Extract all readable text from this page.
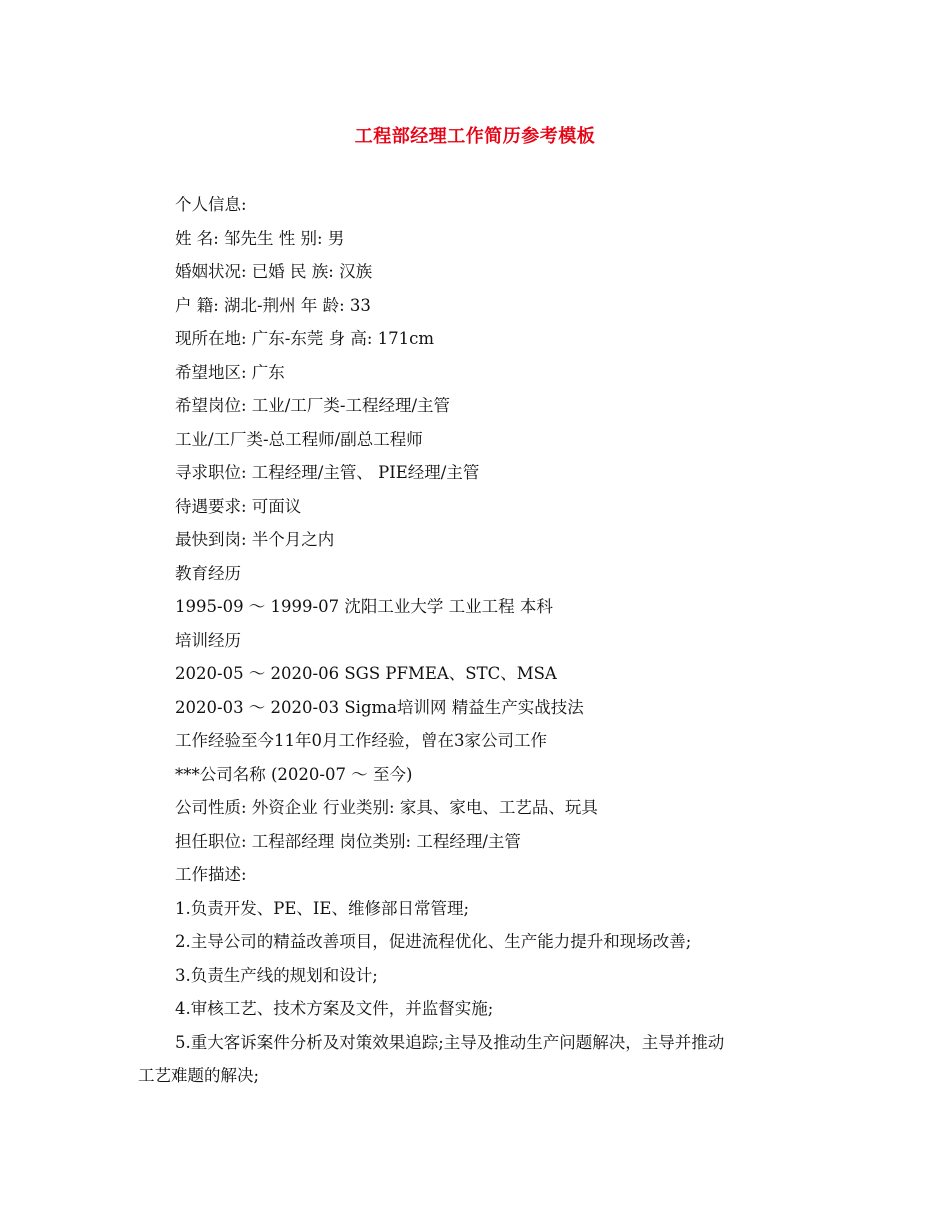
工程部经理工作简历参考模板
个人信息:
姓 名: 邹先生 性 别: 男
婚姻状况: 已婚 民 族: 汉族
户 籍: 湖北-荆州 年 龄: 33
现所在地: 广东-东莞 身 高: 171cm
希望地区: 广东
希望岗位: 工业/工厂类-工程经理/主管
工业/工厂类-总工程师/副总工程师
寻求职位: 工程经理/主管、 PIE经理/主管
待遇要求: 可面议
最快到岗: 半个月之内
教育经历
1995-09 ～ 1999-07 沈阳工业大学 工业工程 本科
培训经历
2020-05 ～ 2020-06 SGS PFMEA、STC、MSA
2020-03 ～ 2020-03 Sigma培训网 精益生产实战技法
工作经验至今11年0月工作经验，曾在3家公司工作
***公司名称 (2020-07 ～ 至今)
公司性质: 外资企业 行业类别: 家具、家电、工艺品、玩具
担任职位: 工程部经理 岗位类别: 工程经理/主管
工作描述:
1.负责开发、PE、IE、维修部日常管理;
2.主导公司的精益改善项目，促进流程优化、生产能力提升和现场改善;
3.负责生产线的规划和设计;
4.审核工艺、技术方案及文件，并监督实施;
5.重大客诉案件分析及对策效果追踪;主导及推动生产问题解决，主导并推动
工艺难题的解决;
